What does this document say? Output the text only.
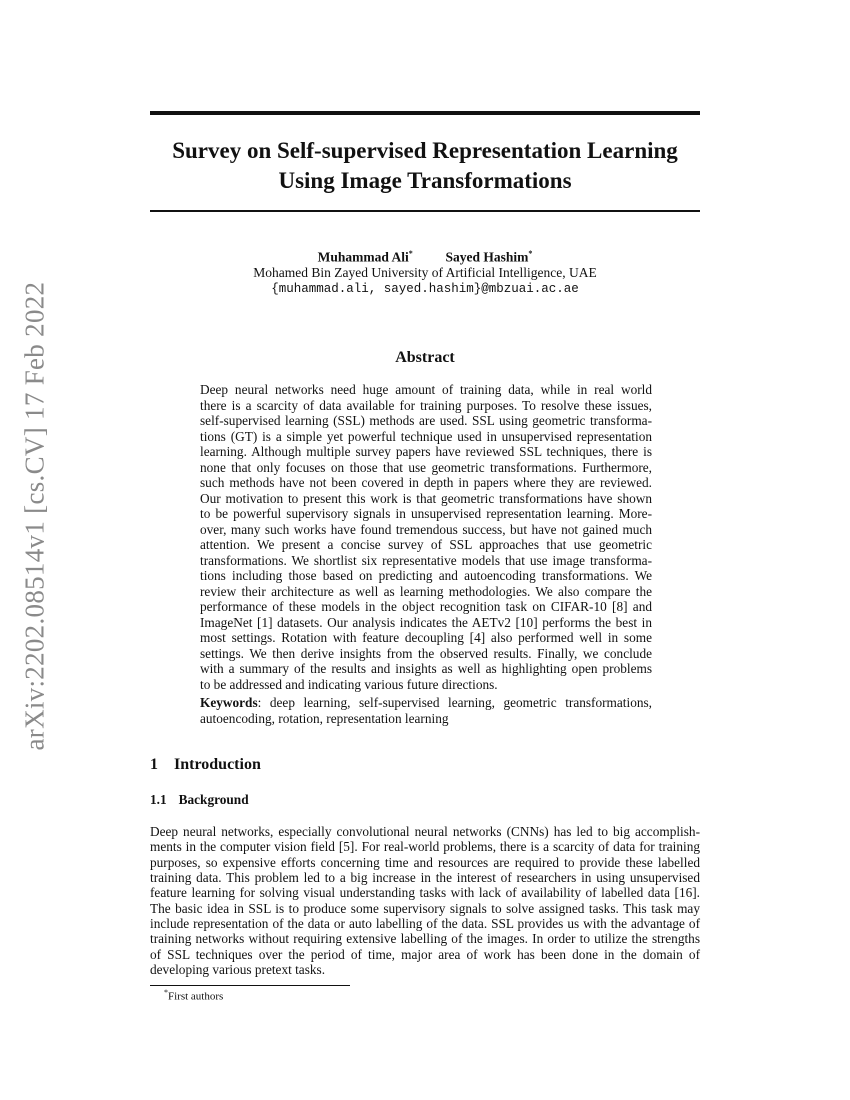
arXiv:2202.08514v1 [cs.CV] 17 Feb 2022
Survey on Self-supervised Representation Learning
Using Image Transformations
Muhammad Ali* Sayed Hashim*
Mohamed Bin Zayed University of Artificial Intelligence, UAE
{muhammad.ali, sayed.hashim}@mbzuai.ac.ae
Abstract
Deep neural networks need huge amount of training data, while in real world
there is a scarcity of data available for training purposes. To resolve these issues,
self-supervised learning (SSL) methods are used. SSL using geometric transforma-
tions (GT) is a simple yet powerful technique used in unsupervised representation
learning. Although multiple survey papers have reviewed SSL techniques, there is
none that only focuses on those that use geometric transformations. Furthermore,
such methods have not been covered in depth in papers where they are reviewed.
Our motivation to present this work is that geometric transformations have shown
to be powerful supervisory signals in unsupervised representation learning. More-
over, many such works have found tremendous success, but have not gained much
attention. We present a concise survey of SSL approaches that use geometric
transformations. We shortlist six representative models that use image transforma-
tions including those based on predicting and autoencoding transformations. We
review their architecture as well as learning methodologies. We also compare the
performance of these models in the object recognition task on CIFAR-10 [8] and
ImageNet [1] datasets. Our analysis indicates the AETv2 [10] performs the best in
most settings. Rotation with feature decoupling [4] also performed well in some
settings. We then derive insights from the observed results. Finally, we conclude
with a summary of the results and insights as well as highlighting open problems
to be addressed and indicating various future directions.
Keywords: deep learning, self-supervised learning, geometric transformations,
autoencoding, rotation, representation learning
1 Introduction
1.1 Background
Deep neural networks, especially convolutional neural networks (CNNs) has led to big accomplish-
ments in the computer vision field [5]. For real-world problems, there is a scarcity of data for training
purposes, so expensive efforts concerning time and resources are required to provide these labelled
training data. This problem led to a big increase in the interest of researchers in using unsupervised
feature learning for solving visual understanding tasks with lack of availability of labelled data [16].
The basic idea in SSL is to produce some supervisory signals to solve assigned tasks. This task may
include representation of the data or auto labelling of the data. SSL provides us with the advantage of
training networks without requiring extensive labelling of the images. In order to utilize the strengths
of SSL techniques over the period of time, major area of work has been done in the domain of
developing various pretext tasks.
*First authors
